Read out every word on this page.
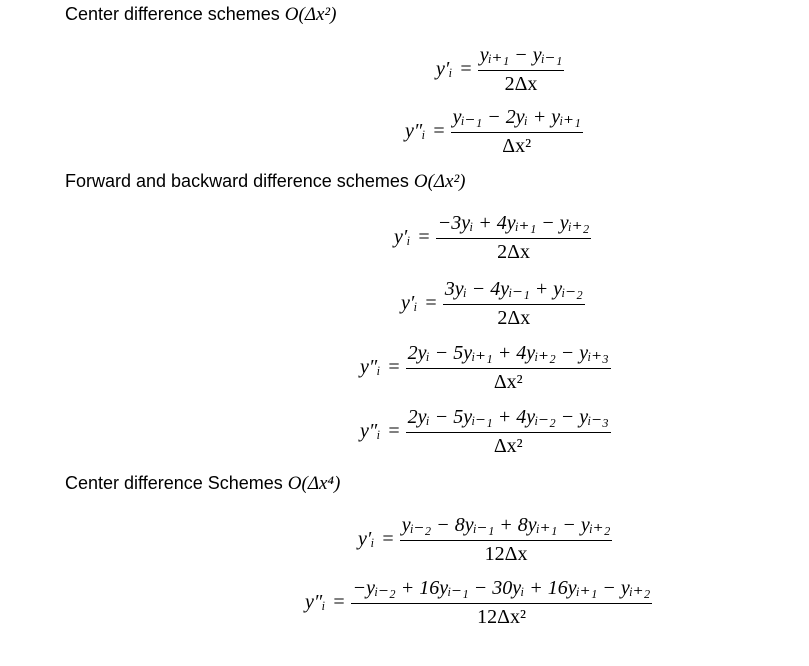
Center difference schemes O(Δx²)
y′ᵢ = $\frac{\text{yᵢ₊₁ − yᵢ₋₁}}{2\Delta x}$
y″ᵢ = $\frac{\text{yᵢ₋₁ − 2yᵢ + yᵢ₊₁}}{\text{Δx²}}$
Forward and backward difference schemes O(Δx²)
y′ᵢ = $\frac{\text{−3yᵢ + 4yᵢ₊₁ − yᵢ₊₂}}{2\Delta x}$
y′ᵢ = $\frac{\text{3yᵢ − 4yᵢ₋₁ + yᵢ₋₂}}{2\Delta x}$
y″ᵢ = $\frac{\text{2yᵢ − 5yᵢ₊₁ + 4yᵢ₊₂ − yᵢ₊₃}}{\text{Δx²}}$
y″ᵢ = $\frac{\text{2yᵢ − 5yᵢ₋₁ + 4yᵢ₋₂ − yᵢ₋₃}}{\text{Δx²}}$
Center difference Schemes O(Δx⁴)
y′ᵢ = $\frac{\text{yᵢ₋₂ − 8yᵢ₋₁ + 8yᵢ₊₁ − yᵢ₊₂}}{12\Delta x}$
y″ᵢ = $\frac{\text{−yᵢ₋₂ + 16yᵢ₋₁ − 30yᵢ + 16yᵢ₊₁ − yᵢ₊₂}}{\text{12Δx²}}$
